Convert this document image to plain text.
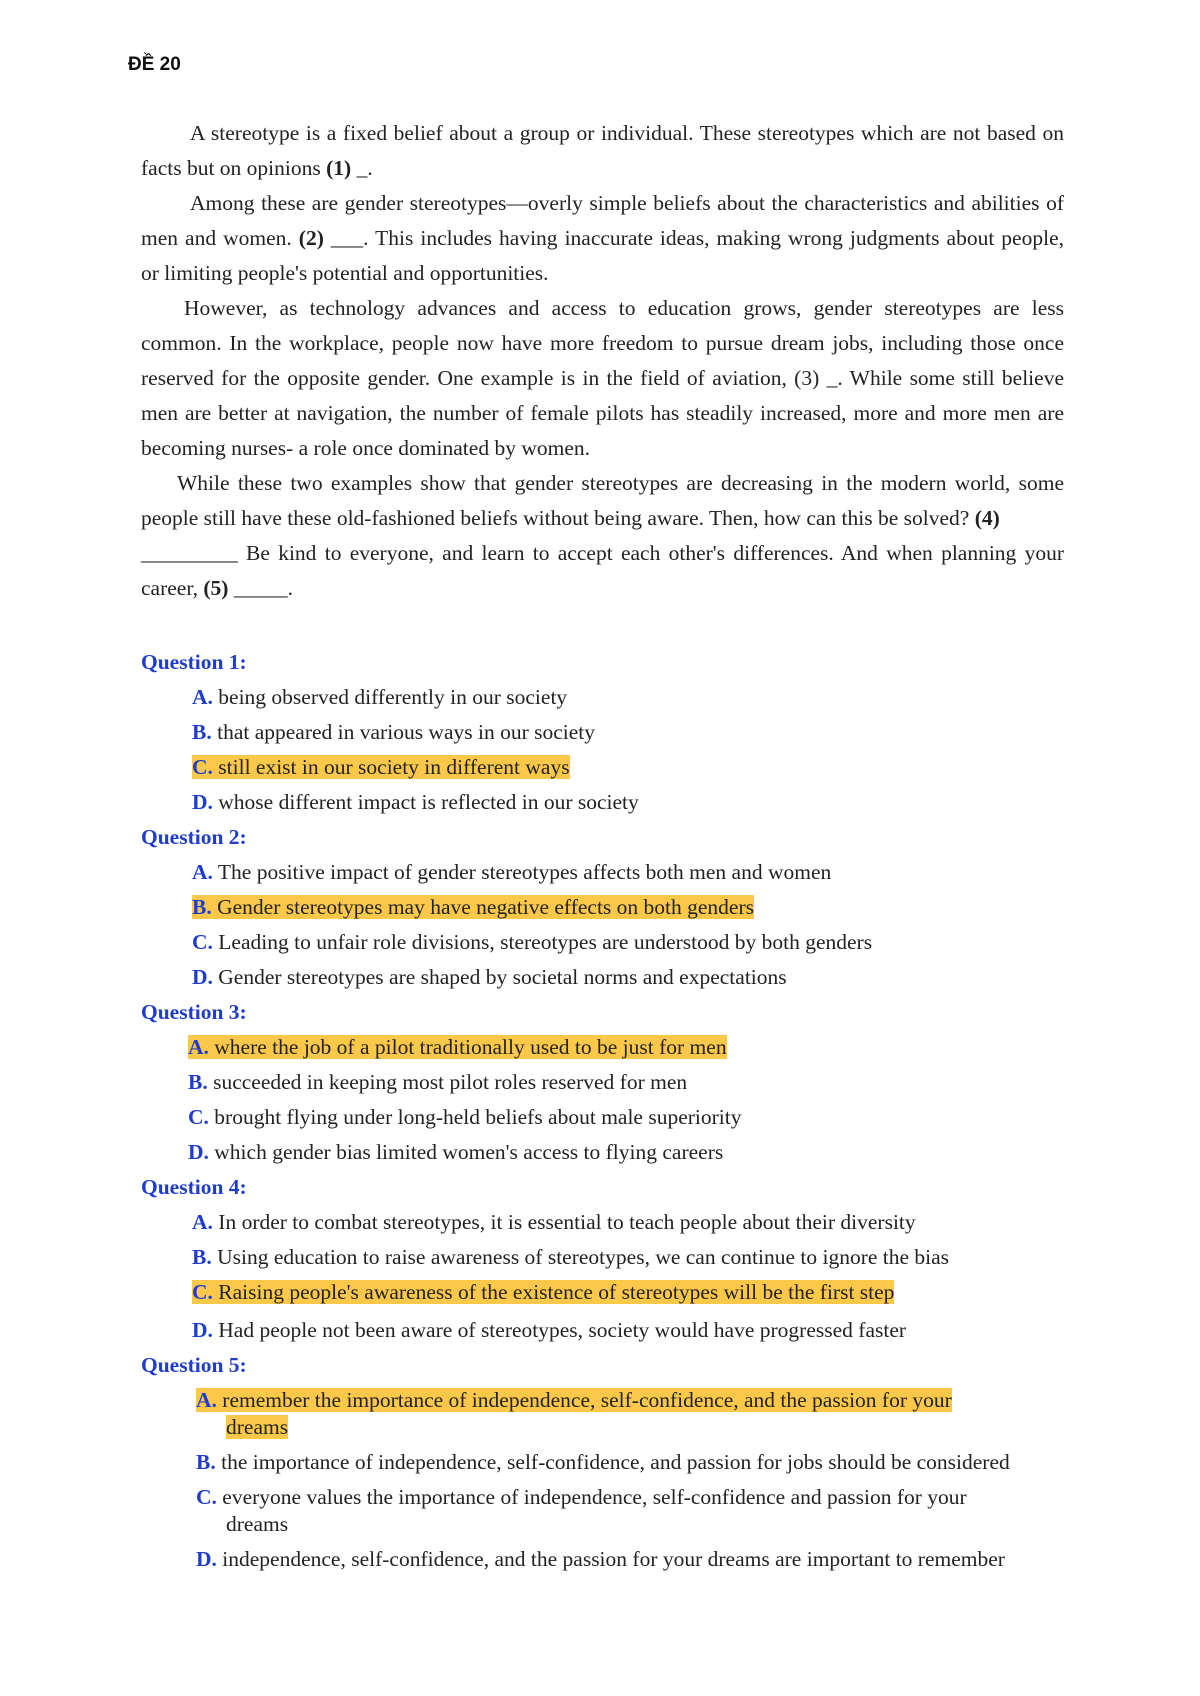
ĐỀ 20

A stereotype is a fixed belief about a group or individual. These stereotypes which are not based on facts but on opinions (1) _.

Among these are gender stereotypes—overly simple beliefs about the characteristics and abilities of men and women. (2) ___. This includes having inaccurate ideas, making wrong judgments about people, or limiting people's potential and opportunities.

However, as technology advances and access to education grows, gender stereotypes are less common. In the workplace, people now have more freedom to pursue dream jobs, including those once reserved for the opposite gender. One example is in the field of aviation, (3) _. While some still believe men are better at navigation, the number of female pilots has steadily increased, more and more men are becoming nurses- a role once dominated by women.

While these two examples show that gender stereotypes are decreasing in the modern world, some people still have these old-fashioned beliefs without being aware. Then, how can this be solved? (4)

_________ Be kind to everyone, and learn to accept each other's differences. And when planning your career, (5) _____.

Question 1:

A. being observed differently in our society

B. that appeared in various ways in our society

C. still exist in our society in different ways

D. whose different impact is reflected in our society

Question 2:

A. The positive impact of gender stereotypes affects both men and women

B. Gender stereotypes may have negative effects on both genders

C. Leading to unfair role divisions, stereotypes are understood by both genders

D. Gender stereotypes are shaped by societal norms and expectations

Question 3:

A. where the job of a pilot traditionally used to be just for men

B. succeeded in keeping most pilot roles reserved for men

C. brought flying under long-held beliefs about male superiority

D. which gender bias limited women's access to flying careers

Question 4:

A. In order to combat stereotypes, it is essential to teach people about their diversity

B. Using education to raise awareness of stereotypes, we can continue to ignore the bias

C. Raising people's awareness of the existence of stereotypes will be the first step

D. Had people not been aware of stereotypes, society would have progressed faster

Question 5:

A. remember the importance of independence, self-confidence, and the passion for your dreams

B. the importance of independence, self-confidence, and passion for jobs should be considered

C. everyone values the importance of independence, self-confidence and passion for your dreams

D. independence, self-confidence, and the passion for your dreams are important to remember
